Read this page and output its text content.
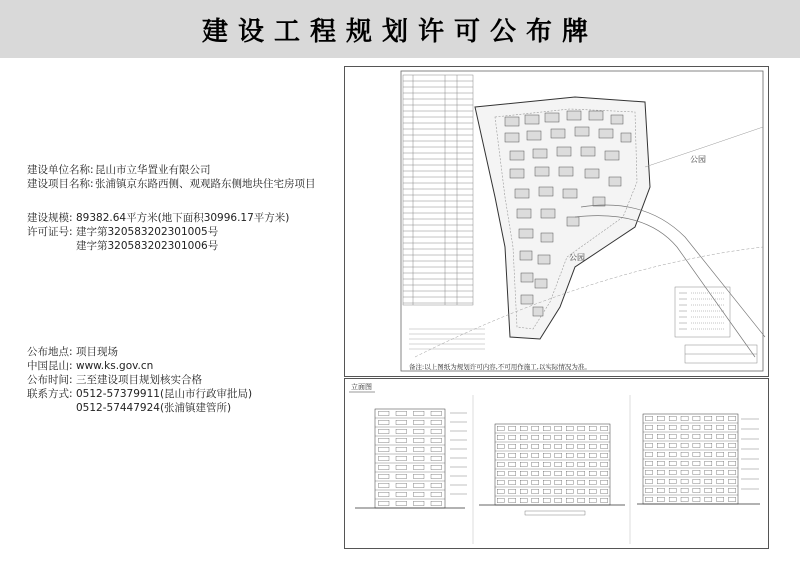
建设工程规划许可公布牌
建设单位名称: 昆山市立华置业有限公司
建设项目名称: 张浦镇京东路西侧、观观路东侧地块住宅房项目
建设规模: 89382.64平方米(地下面积30996.17平方米)
许可证号: 建字第320583202301005号
建字第320583202301006号
公布地点: 项目现场
中国昆山: www.ks.gov.cn
公布时间: 三至建设项目规划核实合格
联系方式: 0512-57379911(昆山市行政审批局)
0512-57447924(张浦镇建管所)
公园
公园
备注:以上图纸为规划许可内容,不可用作施工,以实际情况为准。
立面图
